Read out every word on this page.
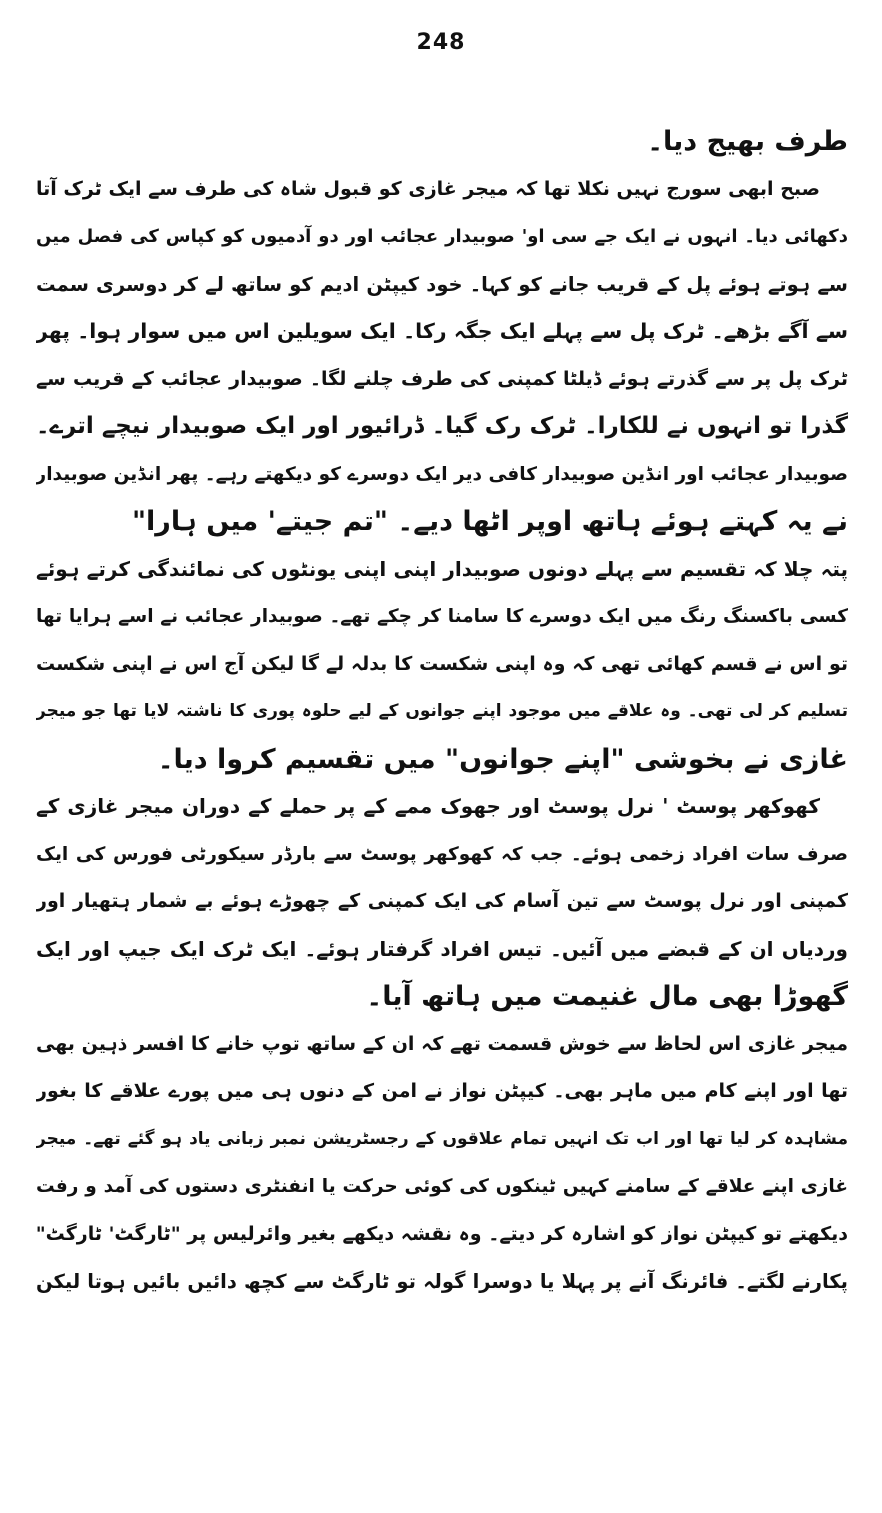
248
طرف بھیج دیا۔
صبح ابھی سورج نہیں نکلا تھا کہ میجر غازی کو قبول شاہ کی طرف سے ایک ٹرک آتا
دکھائی دیا۔ انہوں نے ایک جے سی او' صوبیدار عجائب اور دو آدمیوں کو کپاس کی فصل میں
سے ہوتے ہوئے پل کے قریب جانے کو کہا۔ خود کیپٹن ادیم کو ساتھ لے کر دوسری سمت
سے آگے بڑھے۔ ٹرک پل سے پہلے ایک جگہ رکا۔ ایک سویلین اس میں سوار ہوا۔ پھر
ٹرک پل پر سے گذرتے ہوئے ڈیلٹا کمپنی کی طرف چلنے لگا۔ صوبیدار عجائب کے قریب سے
گذرا تو انہوں نے للکارا۔ ٹرک رک گیا۔ ڈرائیور اور ایک صوبیدار نیچے اترے۔
صوبیدار عجائب اور انڈین صوبیدار کافی دیر ایک دوسرے کو دیکھتے رہے۔ پھر انڈین صوبیدار
نے یہ کہتے ہوئے ہاتھ اوپر اٹھا دیے۔ "تم جیتے' میں ہارا"
پتہ چلا کہ تقسیم سے پہلے دونوں صوبیدار اپنی اپنی یونٹوں کی نمائندگی کرتے ہوئے
کسی باکسنگ رنگ میں ایک دوسرے کا سامنا کر چکے تھے۔ صوبیدار عجائب نے اسے ہرایا تھا
تو اس نے قسم کھائی تھی کہ وہ اپنی شکست کا بدلہ لے گا لیکن آج اس نے اپنی شکست
تسلیم کر لی تھی۔ وہ علاقے میں موجود اپنے جوانوں کے لیے حلوہ پوری کا ناشتہ لایا تھا جو میجر
غازی نے بخوشی "اپنے جوانوں" میں تقسیم کروا دیا۔
کھوکھر پوسٹ ' نرل پوسٹ اور جھوک ممے کے پر حملے کے دوران میجر غازی کے
صرف سات افراد زخمی ہوئے۔ جب کہ کھوکھر پوسٹ سے بارڈر سیکورٹی فورس کی ایک
کمپنی اور نرل پوسٹ سے تین آسام کی ایک کمپنی کے چھوڑے ہوئے بے شمار ہتھیار اور
وردیاں ان کے قبضے میں آئیں۔ تیس افراد گرفتار ہوئے۔ ایک ٹرک ایک جیپ اور ایک
گھوڑا بھی مال غنیمت میں ہاتھ آیا۔
میجر غازی اس لحاظ سے خوش قسمت تھے کہ ان کے ساتھ توپ خانے کا افسر ذہین بھی
تھا اور اپنے کام میں ماہر بھی۔ کیپٹن نواز نے امن کے دنوں ہی میں پورے علاقے کا بغور
مشاہدہ کر لیا تھا اور اب تک انہیں تمام علاقوں کے رجسٹریشن نمبر زبانی یاد ہو گئے تھے۔ میجر
غازی اپنے علاقے کے سامنے کہیں ٹینکوں کی کوئی حرکت یا انفنٹری دستوں کی آمد و رفت
دیکھتے تو کیپٹن نواز کو اشارہ کر دیتے۔ وہ نقشہ دیکھے بغیر وائرلیس پر "ٹارگٹ' ٹارگٹ"
پکارنے لگتے۔ فائرنگ آنے پر پہلا یا دوسرا گولہ تو ٹارگٹ سے کچھ دائیں بائیں ہوتا لیکن
